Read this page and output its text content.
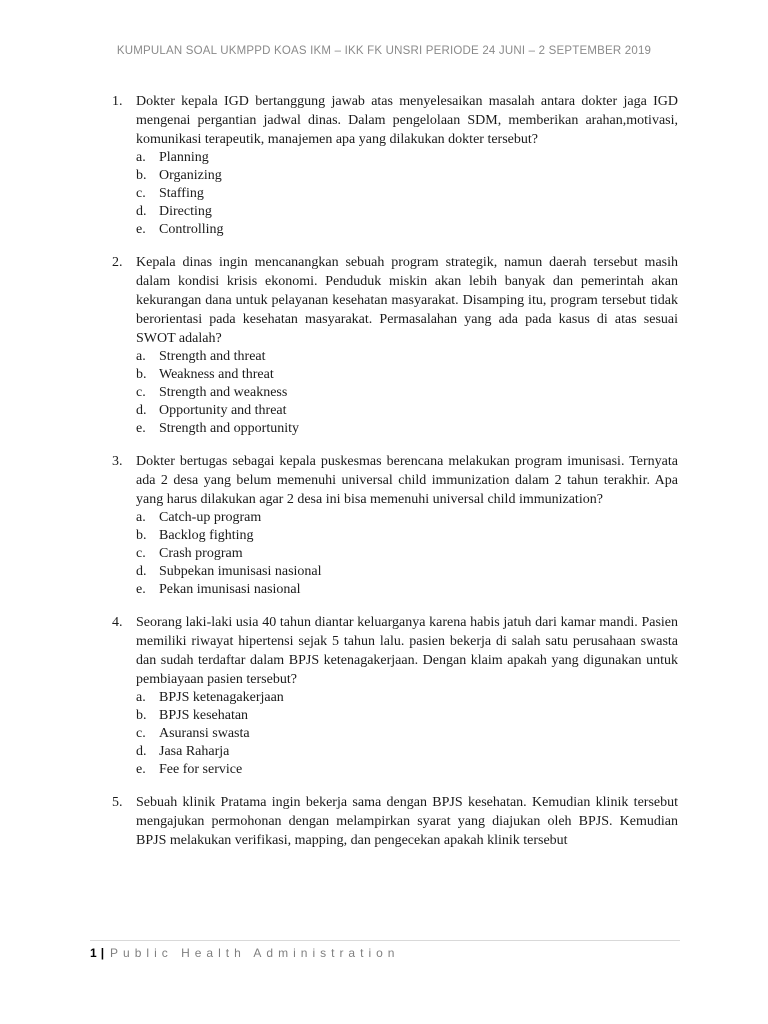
KUMPULAN SOAL UKMPPD KOAS IKM – IKK FK UNSRI PERIODE 24 JUNI – 2 SEPTEMBER 2019
1. Dokter kepala IGD bertanggung jawab atas menyelesaikan masalah antara dokter jaga IGD mengenai pergantian jadwal dinas. Dalam pengelolaan SDM, memberikan arahan,motivasi, komunikasi terapeutik, manajemen apa yang dilakukan dokter tersebut?
a. Planning
b. Organizing
c. Staffing
d. Directing
e. Controlling
2. Kepala dinas ingin mencanangkan sebuah program strategik, namun daerah tersebut masih dalam kondisi krisis ekonomi. Penduduk miskin akan lebih banyak dan pemerintah akan kekurangan dana untuk pelayanan kesehatan masyarakat. Disamping itu, program tersebut tidak berorientasi pada kesehatan masyarakat. Permasalahan yang ada pada kasus di atas sesuai SWOT adalah?
a. Strength and threat
b. Weakness and threat
c. Strength and weakness
d. Opportunity and threat
e. Strength and opportunity
3. Dokter bertugas sebagai kepala puskesmas berencana melakukan program imunisasi. Ternyata ada 2 desa yang belum memenuhi universal child immunization dalam 2 tahun terakhir. Apa yang harus dilakukan agar 2 desa ini bisa memenuhi universal child immunization?
a. Catch-up program
b. Backlog fighting
c. Crash program
d. Subpekan imunisasi nasional
e. Pekan imunisasi nasional
4. Seorang laki-laki usia 40 tahun diantar keluarganya karena habis jatuh dari kamar mandi. Pasien memiliki riwayat hipertensi sejak 5 tahun lalu. pasien bekerja di salah satu perusahaan swasta dan sudah terdaftar dalam BPJS ketenagakerjaan. Dengan klaim apakah yang digunakan untuk pembiayaan pasien tersebut?
a. BPJS ketenagakerjaan
b. BPJS kesehatan
c. Asuransi swasta
d. Jasa Raharja
e. Fee for service
5. Sebuah klinik Pratama ingin bekerja sama dengan BPJS kesehatan. Kemudian klinik tersebut mengajukan permohonan dengan melampirkan syarat yang diajukan oleh BPJS. Kemudian BPJS melakukan verifikasi, mapping, dan pengecekan apakah klinik tersebut
1 | Public Health Administration
